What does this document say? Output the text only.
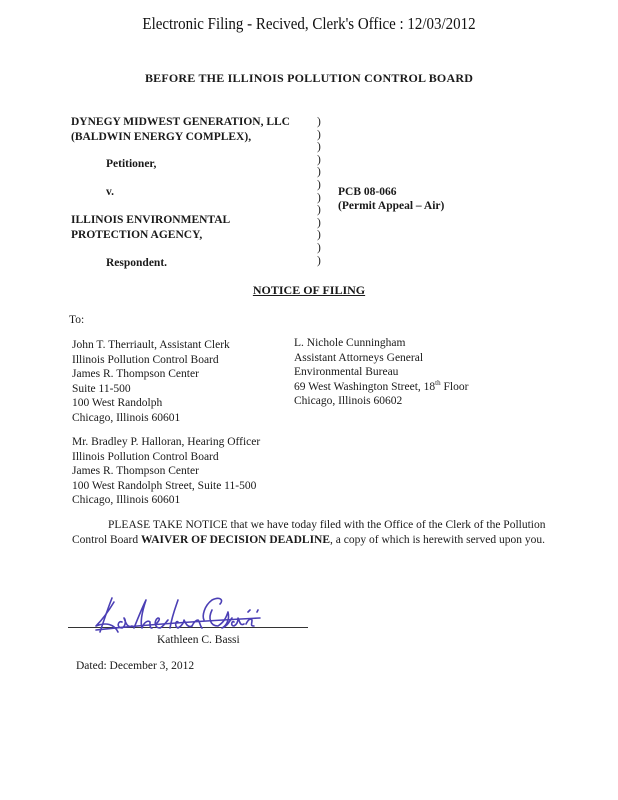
Electronic Filing - Recived, Clerk's Office : 12/03/2012
BEFORE THE ILLINOIS POLLUTION CONTROL BOARD
DYNEGY MIDWEST GENERATION, LLC
(BALDWIN ENERGY COMPLEX),
Petitioner,
v.
ILLINOIS ENVIRONMENTAL
PROTECTION AGENCY,
Respondent.
)
)
)
)
)
)
)
)
)
)
)
)
PCB 08-066
(Permit Appeal – Air)
NOTICE OF FILING
To:
John T. Therriault, Assistant Clerk
Illinois Pollution Control Board
James R. Thompson Center
Suite 11-500
100 West Randolph
Chicago, Illinois 60601
L. Nichole Cunningham
Assistant Attorneys General
Environmental Bureau
69 West Washington Street, 18th Floor
Chicago, Illinois 60602
Mr. Bradley P. Halloran, Hearing Officer
Illinois Pollution Control Board
James R. Thompson Center
100 West Randolph Street, Suite 11-500
Chicago, Illinois 60601
PLEASE TAKE NOTICE that we have today filed with the Office of the Clerk of the Pollution Control Board WAIVER OF DECISION DEADLINE, a copy of which is herewith served upon you.
Kathleen C. Bassi
Dated: December 3, 2012
